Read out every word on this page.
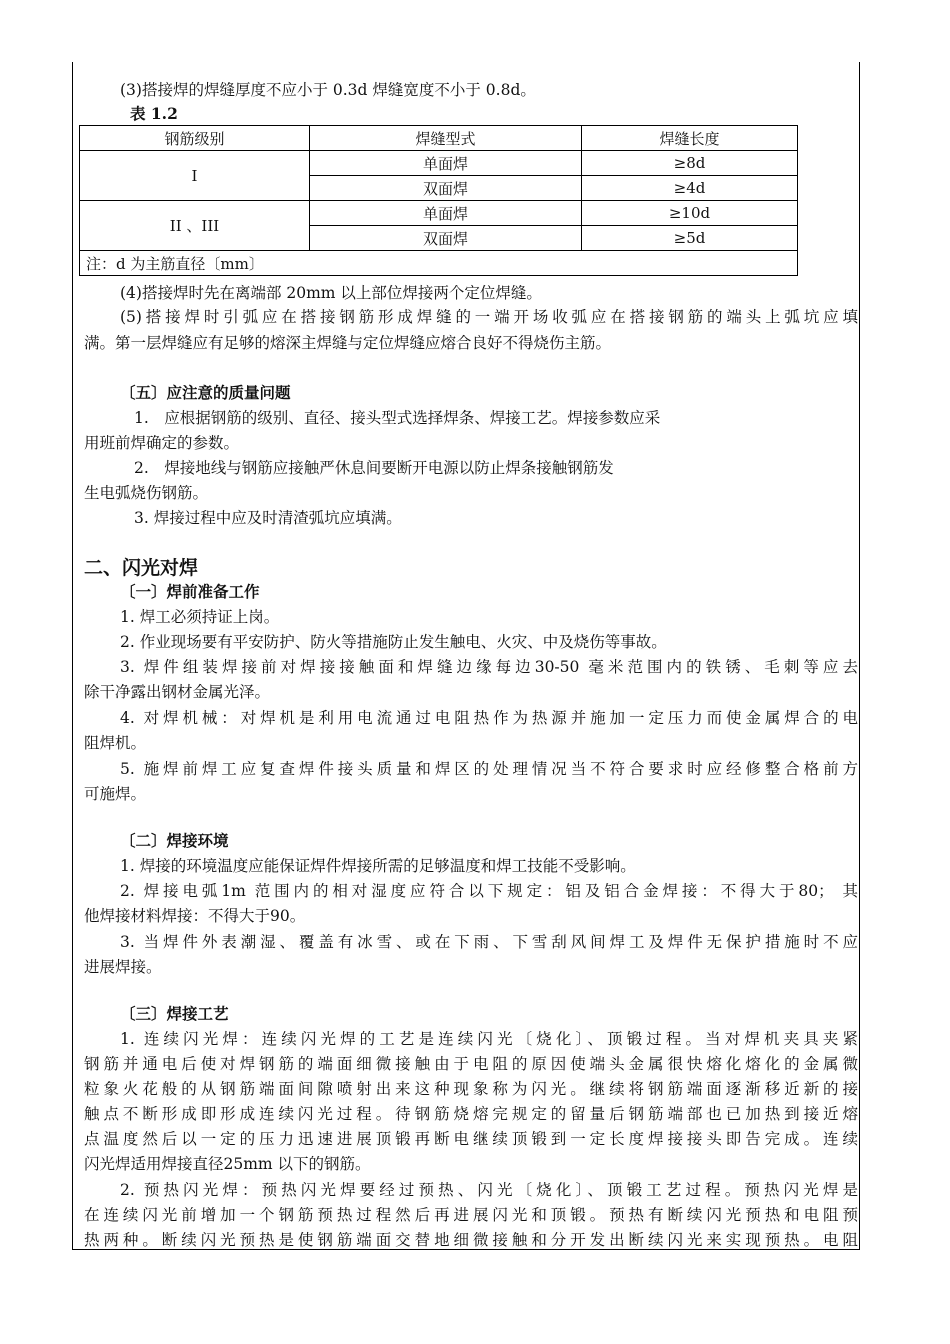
(3)搭接焊的焊缝厚度不应小于 0.3d 焊缝宽度不小于 0.8d。
表 1.2
钢筋级别	焊缝型式	焊缝长度
I	单面焊	≥8d
	双面焊	≥4d
II 、III	单面焊	≥10d
	双面焊	≥5d
注：d 为主筋直径〔mm〕		
(4)搭接焊时先在离端部 20mm 以上部位焊接两个定位焊缝。
(5)搭接焊时引弧应在搭接钢筋形成焊缝的一端开场收弧应在搭接钢筋的端头上弧坑应填
满。第一层焊缝应有足够的熔深主焊缝与定位焊缝应熔合良好不得烧伤主筋。
〔五〕应注意的质量问题
1.　应根据钢筋的级别、直径、接头型式选择焊条、焊接工艺。焊接参数应采
用班前焊确定的参数。
2.　焊接地线与钢筋应接触严休息间要断开电源以防止焊条接触钢筋发
生电弧烧伤钢筋。
3. 焊接过程中应及时清渣弧坑应填满。
二、闪光对焊
〔一〕焊前准备工作
1. 焊工必须持证上岗。
2. 作业现场要有平安防护、防火等措施防止发生触电、火灾、中及烧伤等事故。
3. 焊件组装焊接前对焊接接触面和焊缝边缘每边30-50 毫米范围内的铁锈、毛刺等应去
除干净露出钢材金属光泽。
4. 对焊机械：对焊机是利用电流通过电阻热作为热源并施加一定压力而使金属焊合的电
阻焊机。
5. 施焊前焊工应复查焊件接头质量和焊区的处理情况当不符合要求时应经修整合格前方
可施焊。
〔二〕焊接环境
1. 焊接的环境温度应能保证焊件焊接所需的足够温度和焊工技能不受影响。
2. 焊接电弧1m 范围内的相对湿度应符合以下规定：铝及铝合金焊接：不得大于80； 其
他焊接材料焊接：不得大于90。
3. 当焊件外表潮湿、覆盖有冰雪、或在下雨、下雪刮风间焊工及焊件无保护措施时不应
进展焊接。
〔三〕焊接工艺
1. 连续闪光焊：连续闪光焊的工艺是连续闪光〔烧化〕、顶锻过程。当对焊机夹具夹紧
钢筋并通电后使对焊钢筋的端面细微接触由于电阻的原因使端头金属很快熔化熔化的金属微
粒象火花般的从钢筋端面间隙喷射出来这种现象称为闪光。继续将钢筋端面逐渐移近新的接
触点不断形成即形成连续闪光过程。待钢筋烧熔完规定的留量后钢筋端部也已加热到接近熔
点温度然后以一定的压力迅速进展顶锻再断电继续顶锻到一定长度焊接接头即告完成。连续
闪光焊适用焊接直径25mm 以下的钢筋。
2. 预热闪光焊：预热闪光焊要经过预热、闪光〔烧化〕、顶锻工艺过程。预热闪光焊是
在连续闪光前增加一个钢筋预热过程然后再进展闪光和顶锻。预热有断续闪光预热和电阻预
热两种。断续闪光预热是使钢筋端面交替地细微接触和分开发出断续闪光来实现预热。电阻
